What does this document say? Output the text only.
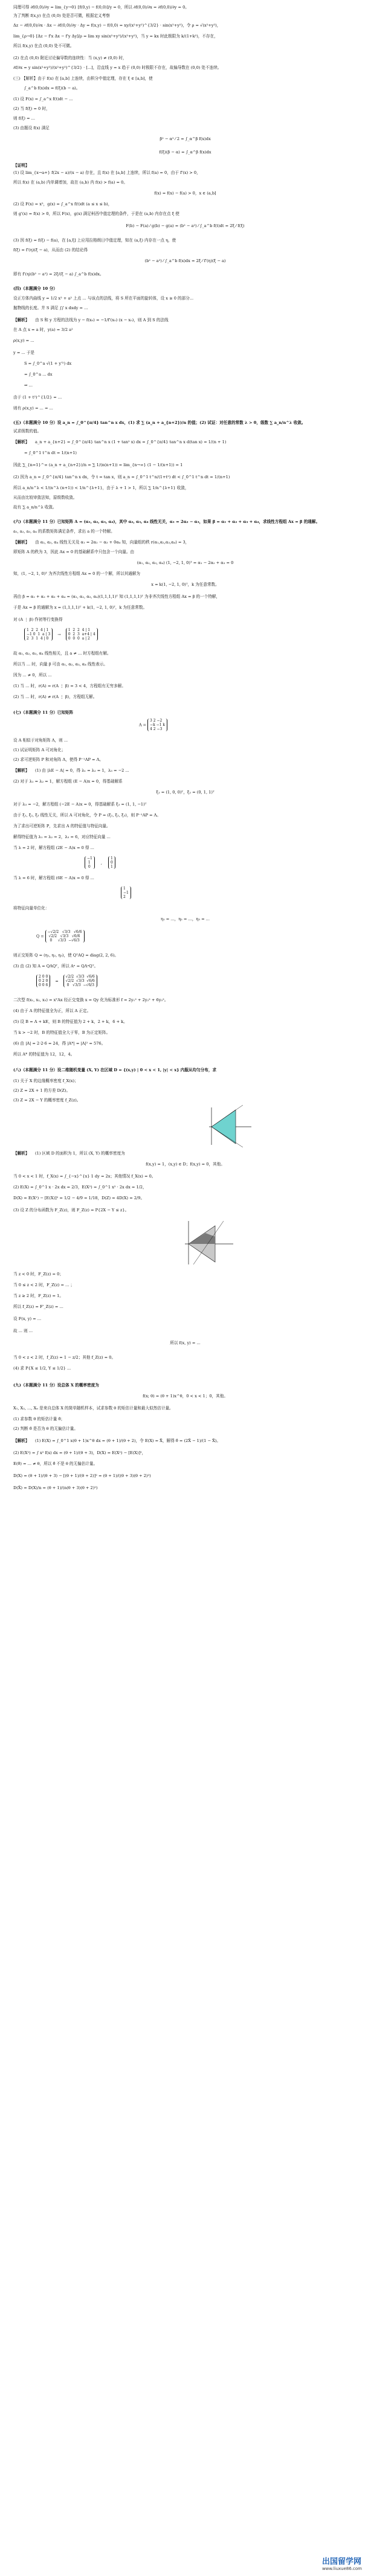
同理可得 ∂f(0,0)/∂y = lim_{y→0} [f(0,y) − f(0,0)]/y = 0，所以 ∂f(0,0)/∂x = ∂f(0,0)/∂y = 0。
为了判断 f(x,y) 在点 (0,0) 处是否可微，根据定义考察
Δz − ∂f(0,0)/∂x · Δx − ∂f(0,0)/∂y · Δy = f(x,y) − f(0,0) = xy/(x²+y²)^{3/2} · sin(x²+y²)，令 ρ = √(x²+y²)，
lim_{ρ→0} [Δz − f'x Δx − f'y Δy]/ρ = lim xy sin(x²+y²)/(x²+y²)，当 y = kx 时此极限为 k/(1+k²)，不存在，
所以 f(x,y) 在点 (0,0) 处不可微。
(2) 在点 (0,0) 附近讨论偏导数的连续性：当 (x,y) ≠ (0,0) 时，
∂f/∂x = y sin(x²+y²)/(x²+y²)^{3/2} · [...]，沿直线 y = x 趋于 (0,0) 时极限不存在，故偏导数在 (0,0) 处不连续。
(三) 【解析】由于 f(x) 在 [a,b] 上连续，由积分中值定理，存在 ξ ∈ [a,b]，使
∫_a^b f(x)dx = f(ξ)(b − a)。
(1) 设 F(x) = ∫_a^x f(t)dt − ...
(2) 当 f(ξ) = 0 时，
则 f(ξ) = ...
(3) 由题设 f(x) 满足
β² − α² ⁄ 2 = ∫_α^β f(x)dx
f(ξ)(β − α) = ∫_α^β f(x)dx
【证明】
(1) 设 lim_{x→a+} f(2x − a)/(x − a) 存在，且 f(x) 在 [a,b] 上连续，所以 f(a) = 0，由于 f'(x) > 0，
所以 f(x) 在 (a,b) 内单调增加，故在 (a,b) 内 f(x) > f(a) = 0。
f(x) = f(x) − f(a) > 0，x ∈ (a,b]
(2) 设 F(x) = x²，g(x) = ∫_a^x f(t)dt (a ≤ x ≤ b)，
则 g'(x) = f(x) > 0，所以 F(x)，g(x) 满足柯西中值定理的条件，于是在 (a,b) 内存在点 ξ 使
F(b) − F(a) ⁄ g(b) − g(a) = (b² − a²) ⁄ ∫_a^b f(t)dt = 2ξ ⁄ f(ξ)
(3) 因 f(ξ) = f(ξ) − f(a)，在 [a,ξ] 上应用拉格朗日中值定理，知在 (a,ξ) 内存在一点 η，使
f(ξ) = f'(η)(ξ − a)，从而由 (2) 的结论得
(b² − a²) ⁄ ∫_a^b f(x)dx = 2ξ ⁄ f'(η)(ξ − a)
即有 f'(η)(b² − a²) = 2ξ/(ξ − a) ∫_a^b f(x)dx。
(四)（本题满分 10 分）
设正方体内曲线 y = 1/2 x² + a² 上点 ... 与该点的法线，将 S 所在平面的旋转体，设 x ≥ 0 的部分...
抛物线的长度。并 S 满足 ∫∫ x dxdy = ...
【解析】	由 S 和 y 方程的法线为 y − f(x₀) = −1/f'(x₀) (x − x₀)，则 A 到 S 的法线
在 A 点 x = a 时，y(a) = 3/2 a²
ρ(x,y) = ...
y = ... 于是
S = ∫_0^a √(1 + y'²) dx
= ∫_0^a ... dx
⇒ ...
由于 (1 + t²)^{1/2} = ...
则有 ρ(x,y) = ... = ...
(五)（本题满分 10 分）设 a_n = ∫_0^{π/4} tan^n x dx，(1) 求 ∑ (a_n + a_{n+2})/n 的值；(2) 试证：对任意的常数 λ > 0，级数 ∑ a_n/n^λ 收敛。
试求级数的值。
【解析】	a_n + a_{n+2} = ∫_0^{π/4} tan^n x (1 + tan² x) dx = ∫_0^{π/4} tan^n x d(tan x) = 1/(n + 1)
= ∫_0^1 t^n dt = 1/(n+1)
因此 ∑_{n=1}^∞ (a_n + a_{n+2})/n = ∑ 1/(n(n+1)) = lim_{n→∞} (1 − 1/(n+1)) = 1
(2) 因为 a_n = ∫_0^{π/4} tan^n x dx，令 t = tan x，则 a_n = ∫_0^1 t^n/(1+t²) dt < ∫_0^1 t^n dt = 1/(n+1)
所以 a_n/n^λ < 1/(n^λ (n+1)) < 1/n^{λ+1}，由于 λ + 1 > 1，所以 ∑ 1/n^{λ+1} 收敛，
从而由比较审敛法知，原级数收敛。
故有 ∑ a_n/n^λ 收敛。
(六)（本题满分 11 分）已知矩阵 A = (α₁, α₂, α₃, α₄)，其中 α₂, α₃, α₄ 线性无关，α₁ = 2α₂ − α₃，如果 β = α₁ + α₂ + α₃ + α₄，求线性方程组 Ax = β 的通解。
a₁, a₂, a₃, a₄ 的系数矩阵满足条件，求出 a 的一个特解。
【解析】	由 α₂, α₃, α₄ 线性无关及 α₁ = 2α₂ − α₃ + 0α₄ 知，向量组的秩 r(α₁,α₂,α₃,α₄) = 3，
即矩阵 A 的秩为 3，因此 Ax = 0 的基础解系中只包含一个向量。由
(α₁, α₂, α₃, α₄) (1, −2, 1, 0)ᵀ = α₁ − 2α₂ + α₃ = 0
知，(1, −2, 1, 0)ᵀ 为齐次线性方程组 Ax = 0 的一个解，所以其通解为
x = k(1, −2, 1, 0)ᵀ，k 为任意常数。
再由 β = α₁ + α₂ + α₃ + α₄ = (α₁, α₂, α₃, α₄)(1,1,1,1)ᵀ 知 (1,1,1,1)ᵀ 为非齐次线性方程组 Ax = β 的一个特解，
于是 Ax = β 的通解为 x = (1,1,1,1)ᵀ + k(1, −2, 1, 0)ᵀ，k 为任意常数。
对 (A ⋮ β) 作初等行变换得
1  2  2  4 | 1
−1 0  1  a | 3
2  3  1  4 | 0
→
1  2  2  4 | 1
0  2  3  a+4 | 4
0  0  0  a | 2
故 α₁, α₂, α₃, α₄ 线性相关，且 a ≠ ... 时方程组有解。
所以当 ... 时，向量 β 可由 α₁, α₂, α₃, α₄ 线性表示。
因为 ... ≠ 0，所以 ...
(1) 当 ... 时，r(A) = r(A ⋮ β) = 3 < 4，方程组有无穷多解。
(2) 当 ... 时，r(A) ≠ r(A ⋮ β)，方程组无解。
(七)（本题满分 11 分）已知矩阵
A =
3 2 −2
−k −1 k
4 2 −3
设 A 相似于对角矩阵 Λ，则 ...
(1) 试证明矩阵 A 可对角化；
(2) 求可逆矩阵 P 和对角阵 Λ，使得 P⁻¹AP = Λ。
【解析】	(1) 由 |λE − A| = 0，得 λ₁ = λ₂ = 1，λ₃ = −2 ...
(2) 对于 λ₁ = λ₂ = 1，解方程组 (E − A)x = 0，得基础解系
ξ₁ = (1, 0, 0)ᵀ，ξ₂ = (0, 1, 1)ᵀ
对于 λ₃ = −2，解方程组 (−2E − A)x = 0，得基础解系 ξ₃ = (1, 1, −1)ᵀ
由于 ξ₁, ξ₂, ξ₃ 线性无关，所以 A 可对角化，令 P = (ξ₁, ξ₂, ξ₃)，则 P⁻¹AP = Λ。
为了求出可逆矩阵 P，先求出 A 的特征值与特征向量。
解得特征值为 λ₁ = λ₂ = 2，λ₃ = 6，对应特征向量 ...
当 λ = 2 时，解方程组 (2E − A)x = 0 得 ...
−1
1
0
,
1
0
1
当 λ = 6 时，解方程组 (6E − A)x = 0 得 ...
1
−1
2
将特征向量单位化：
η₁ = ...，η₂ = ...，η₃ = ...
Q =
−√2/2   √3/3   √6/6
√2/2   √3/3   √6/6
0     √3/3  −√6/3
则正交矩阵 Q = (η₁, η₂, η₃)，使 QᵀAQ = diag(2, 2, 6)。
(3) 由 (2) 知 A = QΛQᵀ，所以 Aⁿ = QΛⁿQᵀ。
2 0 0
0 2 0
0 0 6
=
√2/2  √3/3  √6/6
√2/2  √3/3  √6/6
0   √3/3  −√6/3
二次型 f(x₁, x₂, x₃) = xᵀAx 经正交变换 x = Qy 化为标准形 f = 2y₁² + 2y₂² + 6y₃²。
(4) 由于 A 的特征值全为正，所以 A 正定。
(5) 设 B = A + kE，则 B 的特征值为 2 + k，2 + k，6 + k。
当 k > −2 时，B 的特征值全大于零，B 为正定矩阵。
(6) 由 |A| = 2·2·6 = 24，得 |A*| = |A|² = 576。
所以 A* 的特征值为 12，12，4。
(八)（本题满分 11 分）设二维随机变量 (X, Y) 在区域 D = {(x,y) | 0 < x < 1, |y| < x} 内服从均匀分布，求
(1) 关于 X 的边缘概率密度 f_X(x)；
(2) Z = 2X + 1 的方差 D(Z)。
(3) Z = 2X − Y 的概率密度 f_Z(z)。
【解析】	(1) 区域 D 的面积为 1，所以 (X, Y) 的概率密度为
f(x,y) = 1，(x,y) ∈ D；f(x,y) = 0，其他。
当 0 < x < 1 时，f_X(x) = ∫_{−x}^{x} 1 dy = 2x；其他情况 f_X(x) = 0。
(2) E(X) = ∫_0^1 x · 2x dx = 2/3，E(X²) = ∫_0^1 x² · 2x dx = 1/2，
D(X) = E(X²) − [E(X)]² = 1/2 − 4/9 = 1/18，D(Z) = 4D(X) = 2/9。
(3) 设 Z 的分布函数为 F_Z(z)，则 F_Z(z) = P{2X − Y ≤ z}。
当 z < 0 时，F_Z(z) = 0；
当 0 ≤ z < 2 时，F_Z(z) = ... ；
当 z ≥ 2 时，F_Z(z) = 1。
所以 f_Z(z) = F'_Z(z) = ...
设 F(x, y) = ...
故 ... 则 ...
所以 f(x, y) = ...
当 0 < z < 2 时，f_Z(z) = 1 − z/2；其他 f_Z(z) = 0。
(4) 求 P{X ≤ 1/2, Y ≤ 1/2} ...
(九)（本题满分 11 分）设总体 X 的概率密度为
f(x; θ) = (θ + 1)x^θ，0 < x < 1；0，其他。
X₁, X₂, ..., Xₙ 是来自总体 X 的简单随机样本，试求参数 θ 的矩估计量和最大似然估计量。
(1) 求参数 θ 的矩估计量 θ̂；
(2) 判断 θ̂ 是否为 θ 的无偏估计量。
【解析】	(1) E(X) = ∫_0^1 x(θ + 1)x^θ dx = (θ + 1)/(θ + 2)，令 E(X) = X̄，解得 θ̂ = (2X̄ − 1)/(1 − X̄)。
(2) E(X²) = ∫ x² f(x) dx = (θ + 1)/(θ + 3)，D(X) = E(X²) − [E(X)]²，
E(θ̂) = ... ≠ θ，所以 θ̂ 不是 θ 的无偏估计量。
D(X) = (θ + 1)/(θ + 3) − [(θ + 1)/(θ + 2)]² = (θ + 1)/((θ + 3)(θ + 2)²)
D(X̄) = D(X)/n = (θ + 1)/(n(θ + 3)(θ + 2)²)
出国留学网
www.liuxue86.com
